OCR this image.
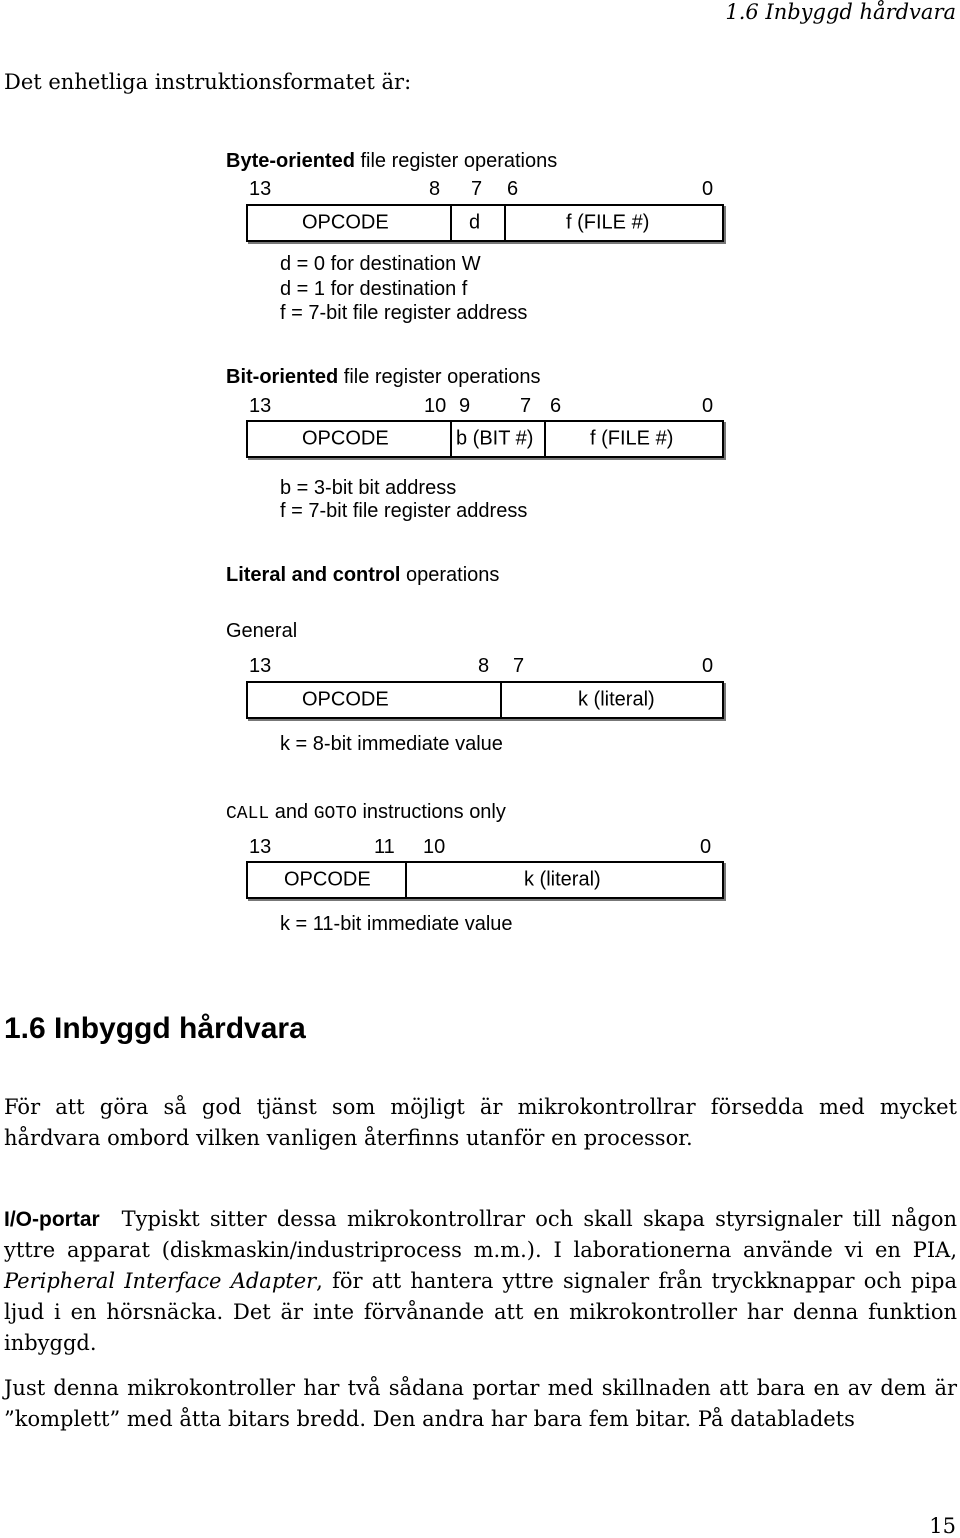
1.6 Inbyggd hårdvara
Det enhetliga instruktionsformatet är:
Byte-oriented file register operations
13	8 7 6	0
OPCODE	d	f (FILE #)
d = 0 for destination W
d = 1 for destination f
f = 7-bit file register address
Bit-oriented file register operations
13	10 9 7 6	0
OPCODE	b (BIT #)	f (FILE #)
b = 3-bit bit address
f = 7-bit file register address
Literal and control operations
General
13	8 7	0
OPCODE	k (literal)
k = 8-bit immediate value
CALL and GOTO instructions only
13	11 10	0
OPCODE	k (literal)
k = 11-bit immediate value
1.6 Inbyggd hårdvara
För att göra så god tjänst som möjligt är mikrokontrollrar försedda med mycket hårdvara ombord vilken vanligen återfinns utanför en processor.
I/O-portar Typiskt sitter dessa mikrokontrollrar och skall skapa styrsignaler till någon yttre apparat (diskmaskin/industriprocess m.m.). I laborationerna använde vi en PIA, Peripheral Interface Adapter, för att hantera yttre signaler från tryckknappar och pipa ljud i en hörsnäcka. Det är inte förvånande att en mikrokontroller har denna funktion inbyggd.
Just denna mikrokontroller har två sådana portar med skillnaden att bara en av dem är ”komplett” med åtta bitars bredd. Den andra har bara fem bitar. På databladets
15
